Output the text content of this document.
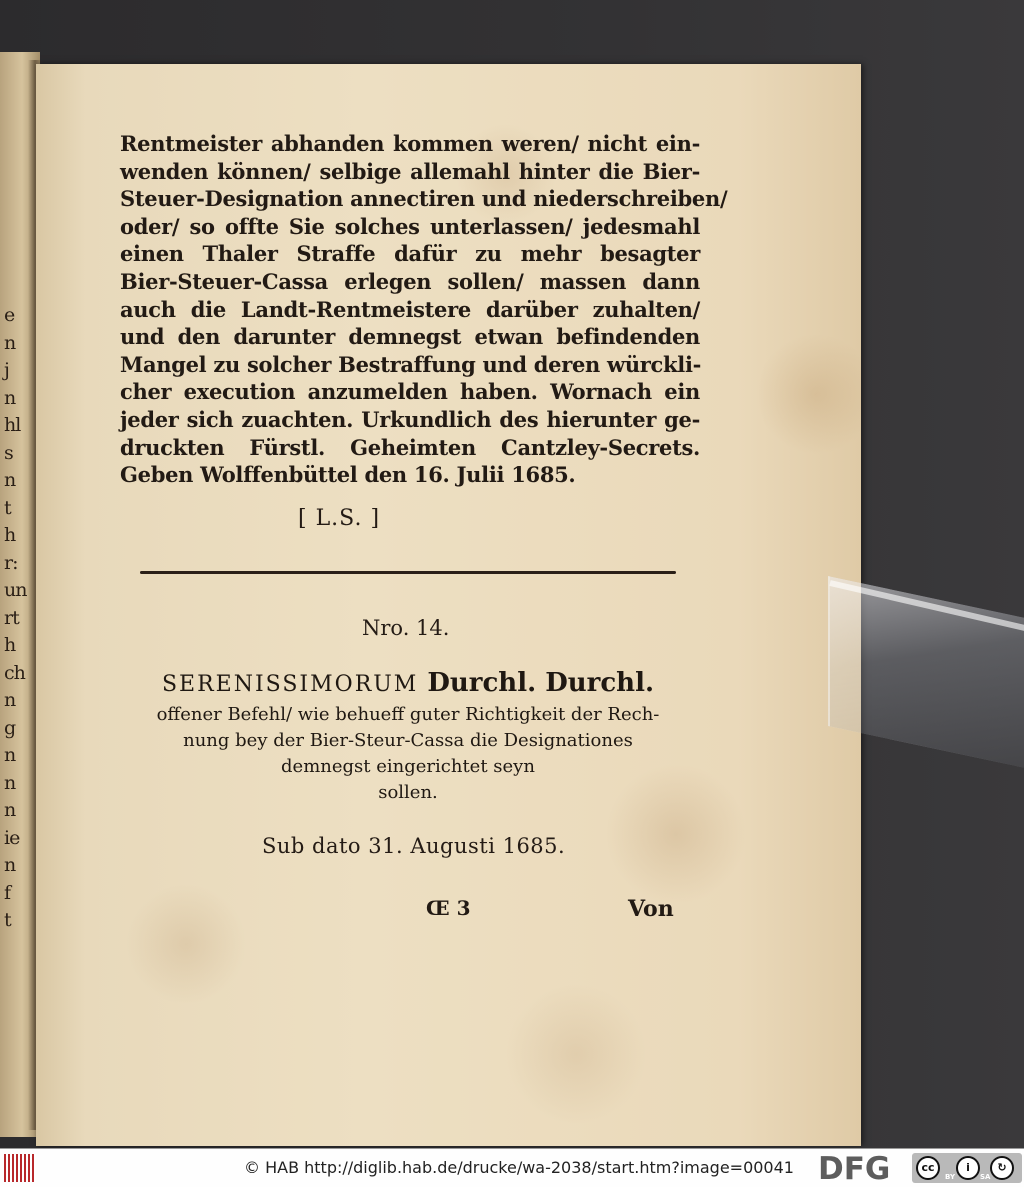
e
n
j
n
hl
s
n
t
h
r:
un
rt
h
ch
n
g
n
n
n
ie
n
f
t
Rentmeister abhanden kommen weren/ nicht ein-
wenden können/ selbige allemahl hinter die Bier-
Steuer-Designation annectiren und niederschreiben/
oder/ so offte Sie solches unterlassen/ jedesmahl
einen Thaler Straffe dafür zu mehr besagter
Bier-Steuer-Cassa erlegen sollen/ massen dann
auch die Landt-Rentmeistere darüber zuhalten/
und den darunter demnegst etwan befindenden
Mangel zu solcher Bestraffung und deren würckli-
cher execution anzumelden haben. Wornach ein
jeder sich zuachten. Urkundlich des hierunter ge-
druckten Fürstl. Geheimten Cantzley-Secrets.
Geben Wolffenbüttel den 16. Julii 1685.
[ L.S. ]
Nro. 14.
SERENISSIMORUM Durchl. Durchl.
offener Befehl/ wie behueff guter Richtigkeit der Rech-
nung bey der Bier-Steur-Cassa die Designationes
demnegst eingerichtet seyn
sollen.
Sub dato 31. Augusti 1685.
Œ 3	Von
© HAB http://diglib.hab.de/drucke/wa-2038/start.htm?image=00041 DFG	cc	i	↻
BY	SA
